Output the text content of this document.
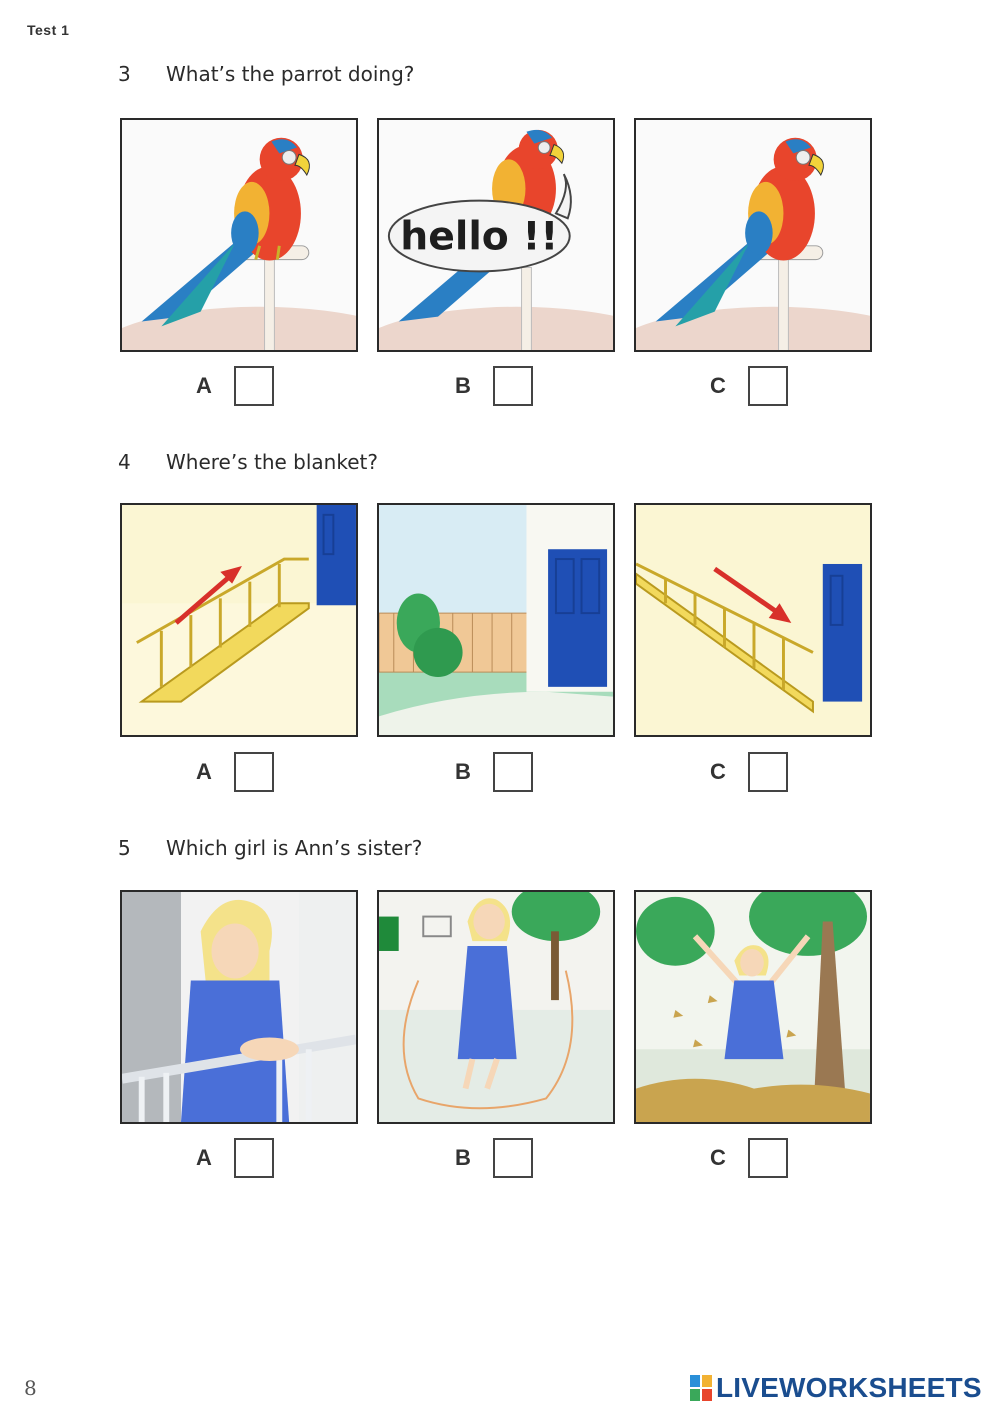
Test 1
3 What’s the parrot doing?
A
hello !!
B	C
4 Where’s the blanket?
A	B	C
5 Which girl is Ann’s sister?
A	B	C
8	LIVEWORKSHEETS
